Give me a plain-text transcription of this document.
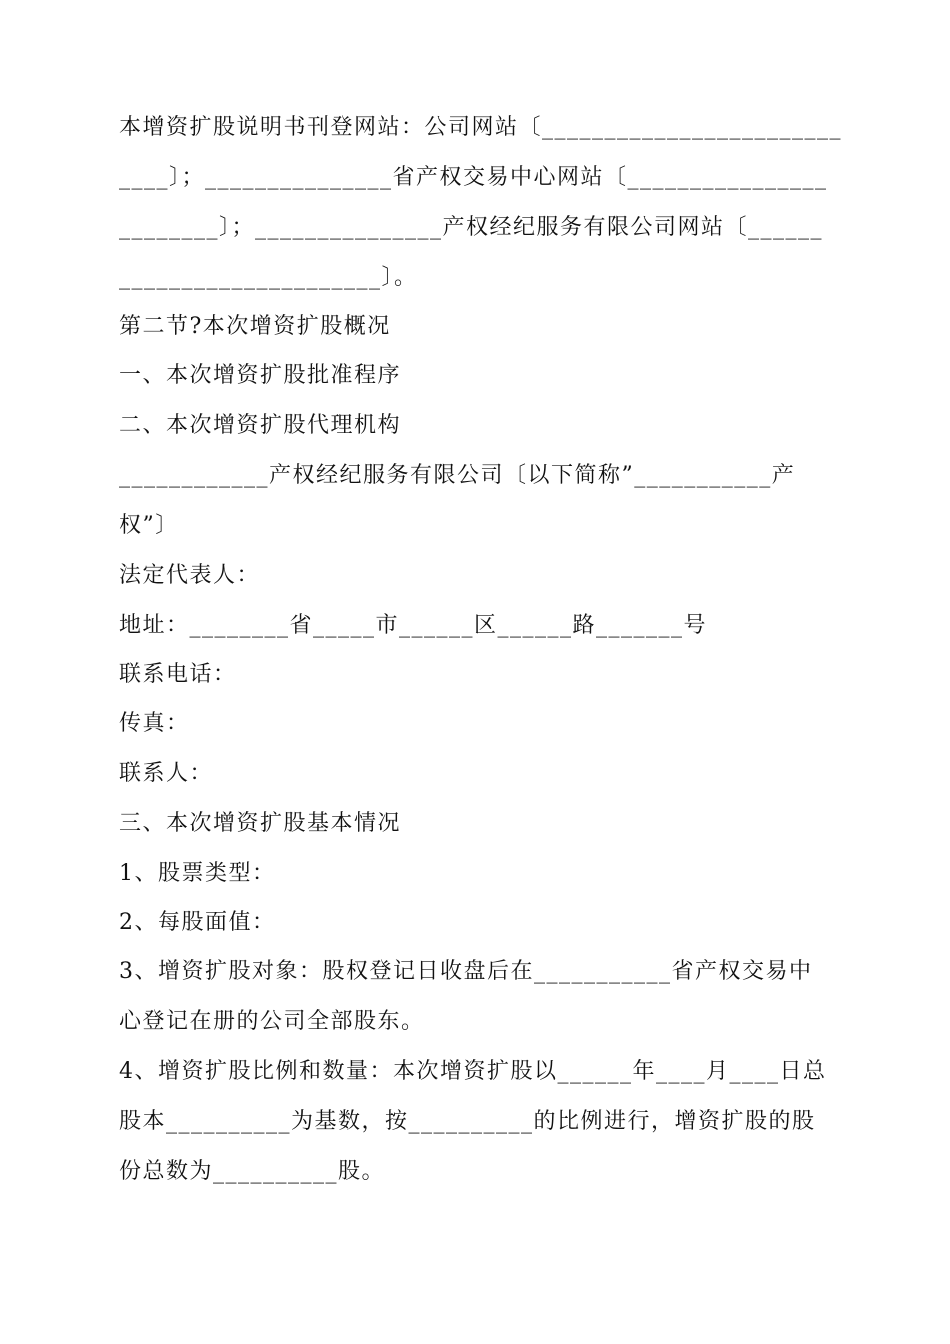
本增资扩股说明书刊登网站：公司网站〔________________________
____〕；_______________省产权交易中心网站〔________________
________〕；_______________产权经纪服务有限公司网站〔______
_____________________〕。
第二节?本次增资扩股概况
一、本次增资扩股批准程序
二、本次增资扩股代理机构
____________产权经纪服务有限公司〔以下简称”___________产
权”〕
法定代表人：
地址：________省_____市______区______路_______号
联系电话：
传真：
联系人：
三、本次增资扩股基本情况
1、股票类型：
2、每股面值：
3、增资扩股对象：股权登记日收盘后在___________省产权交易中
心登记在册的公司全部股东。
4、增资扩股比例和数量：本次增资扩股以______年____月____日总
股本__________为基数，按__________的比例进行，增资扩股的股
份总数为__________股。
